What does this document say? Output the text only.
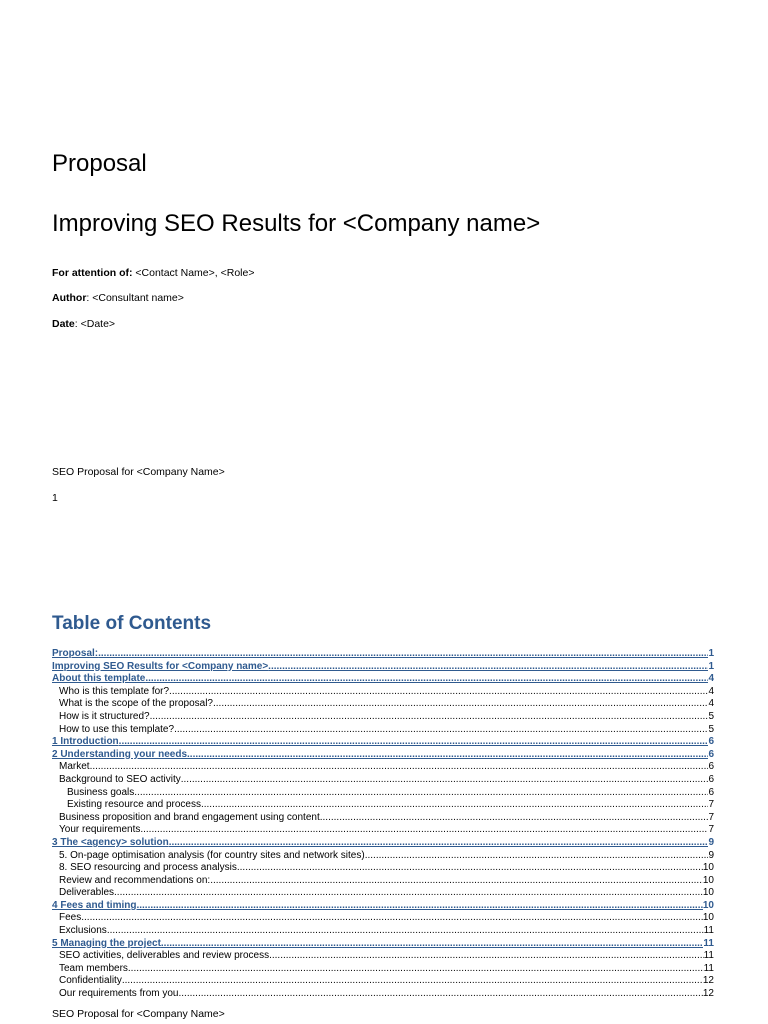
Proposal
Improving SEO Results for <Company name>
For attention of: <Contact Name>, <Role>
Author: <Consultant name>
Date: <Date>
SEO Proposal for <Company Name>
1
Table of Contents
Proposal: .....	1
Improving SEO Results for <Company name> .....	1
About this template .....	4
Who is this template for? .....	4
What is the scope of the proposal? .....	4
How is it structured? .....	5
How to use this template? .....	5
1 Introduction .....	6
2 Understanding your needs .....	6
Market .....	6
Background to SEO activity .....	6
Business goals .....	6
Existing resource and process .....	7
Business proposition and brand engagement using content .....	7
Your requirements .....	7
3 The <agency> solution .....	9
5. On-page optimisation analysis (for country sites and network sites) .....	9
8. SEO resourcing and process analysis .....	10
Review and recommendations on: .....	10
Deliverables .....	10
4 Fees and timing .....	10
Fees .....	10
Exclusions .....	11
5 Managing the project .....	11
SEO activities, deliverables and review process .....	11
Team members .....	11
Confidentiality .....	12
Our requirements from you .....	12
SEO Proposal for <Company Name>
